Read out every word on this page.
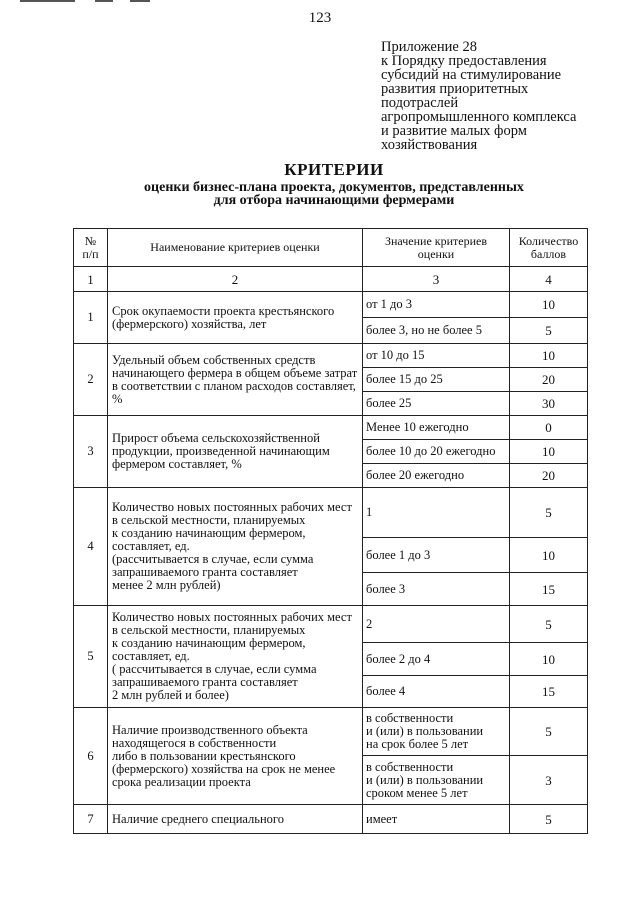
123
Приложение 28
к Порядку предоставления
субсидий на стимулирование
развития приоритетных
подотраслей
агропромышленного комплекса
и развитие малых форм
хозяйствования
КРИТЕРИИ
оценки бизнес-плана проекта, документов, представленных
для отбора начинающими фермерами
№
п/п	Наименование критериев оценки	Значение критериев
оценки	Количество
баллов
1	2	3	4
1	Срок окупаемости проекта крестьянского (фермерского) хозяйства, лет	от 1 до 3	10
		более 3, но не более 5	5
2	Удельный объем собственных средств начинающего фермера в общем объеме затрат в соответствии с планом расходов составляет, %	от 10 до 15	10
		более 15 до 25	20
		более 25	30
3	Прирост объема сельскохозяйственной продукции, произведенной начинающим фермером составляет, %	Менее 10 ежегодно	0
		более 10 до 20 ежегодно	10
		более 20 ежегодно	20
4	Количество новых постоянных рабочих мест в сельской местности, планируемых
к созданию начинающим фермером, составляет, ед.
(рассчитывается в случае, если сумма запрашиваемого гранта составляет
менее 2 млн рублей)	1	5
		более 1 до 3	10
		более 3	15
5	Количество новых постоянных рабочих мест в сельской местности, планируемых
к созданию начинающим фермером, составляет, ед.
( рассчитывается в случае, если сумма запрашиваемого гранта составляет
2 млн рублей и более)	2	5
		более 2 до 4	10
		более 4	15
6	Наличие производственного объекта находящегося в собственности
либо в пользовании крестьянского (фермерского) хозяйства на срок не менее срока реализации проекта	в собственности
и (или) в пользовании
на срок более 5 лет	5
		в собственности
и (или) в пользовании
сроком менее 5 лет	3
7	Наличие среднего специального	имеет	5
